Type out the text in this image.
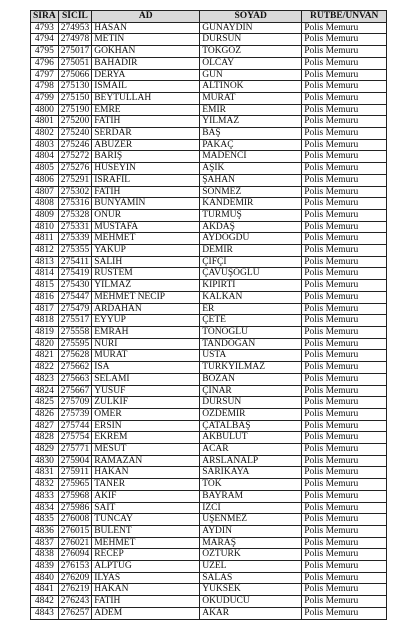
SIRA	SİCİL	AD	SOYAD	RÜTBE/UNVAN
4793	274953	HASAN	GÜNAYDIN	Polis Memuru
4794	274978	METİN	DURSUN	Polis Memuru
4795	275017	GÖKHAN	TOKGÖZ	Polis Memuru
4796	275051	BAHADIR	OLCAY	Polis Memuru
4797	275066	DERYA	GÜN	Polis Memuru
4798	275130	İSMAİL	ALTINOK	Polis Memuru
4799	275150	BEYTULLAH	MURAT	Polis Memuru
4800	275190	EMRE	EMİR	Polis Memuru
4801	275200	FATİH	YILMAZ	Polis Memuru
4802	275240	SERDAR	BAŞ	Polis Memuru
4803	275246	ABUZER	PAKAÇ	Polis Memuru
4804	275272	BARIŞ	MADENCİ	Polis Memuru
4805	275276	HÜSEYİN	AŞIK	Polis Memuru
4806	275291	İSRAFİL	ŞAHAN	Polis Memuru
4807	275302	FATİH	SÖNMEZ	Polis Memuru
4808	275316	BÜNYAMİN	KANDEMİR	Polis Memuru
4809	275328	ONUR	TURMUŞ	Polis Memuru
4810	275331	MUSTAFA	AKDAŞ	Polis Memuru
4811	275339	MEHMET	AYDOĞDU	Polis Memuru
4812	275355	YAKUP	DEMİR	Polis Memuru
4813	275411	SALİH	ÇİFÇİ	Polis Memuru
4814	275419	RÜSTEM	ÇAVUŞOĞLU	Polis Memuru
4815	275430	YILMAZ	KIPIRTI	Polis Memuru
4816	275447	MEHMET NECİP	KALKAN	Polis Memuru
4817	275479	ARDAHAN	ER	Polis Memuru
4818	275517	EYYÜP	ÇETE	Polis Memuru
4819	275558	EMRAH	TONOĞLU	Polis Memuru
4820	275595	NURİ	TANDOĞAN	Polis Memuru
4821	275628	MURAT	USTA	Polis Memuru
4822	275662	İSA	TÜRKYILMAZ	Polis Memuru
4823	275663	SELAMİ	BOZAN	Polis Memuru
4824	275667	YUSUF	ÇINAR	Polis Memuru
4825	275709	ZÜLKİF	DURSUN	Polis Memuru
4826	275739	ÖMER	ÖZDEMİR	Polis Memuru
4827	275744	ERSİN	ÇATALBAŞ	Polis Memuru
4828	275754	EKREM	AKBULUT	Polis Memuru
4829	275771	MESUT	ACAR	Polis Memuru
4830	275904	RAMAZAN	ARSLANALP	Polis Memuru
4831	275911	HAKAN	SARIKAYA	Polis Memuru
4832	275965	TANER	TOK	Polis Memuru
4833	275968	AKİF	BAYRAM	Polis Memuru
4834	275986	SAİT	İZCİ	Polis Memuru
4835	276008	TUNCAY	ÜŞENMEZ	Polis Memuru
4836	276015	BÜLENT	AYDIN	Polis Memuru
4837	276021	MEHMET	MARAŞ	Polis Memuru
4838	276094	RECEP	ÖZTÜRK	Polis Memuru
4839	276153	ALPTUĞ	ÜZEL	Polis Memuru
4840	276209	İLYAS	SALAS	Polis Memuru
4841	276219	HAKAN	YÜKSEK	Polis Memuru
4842	276243	FATİH	OKUDUCU	Polis Memuru
4843	276257	ADEM	AKAR	Polis Memuru
